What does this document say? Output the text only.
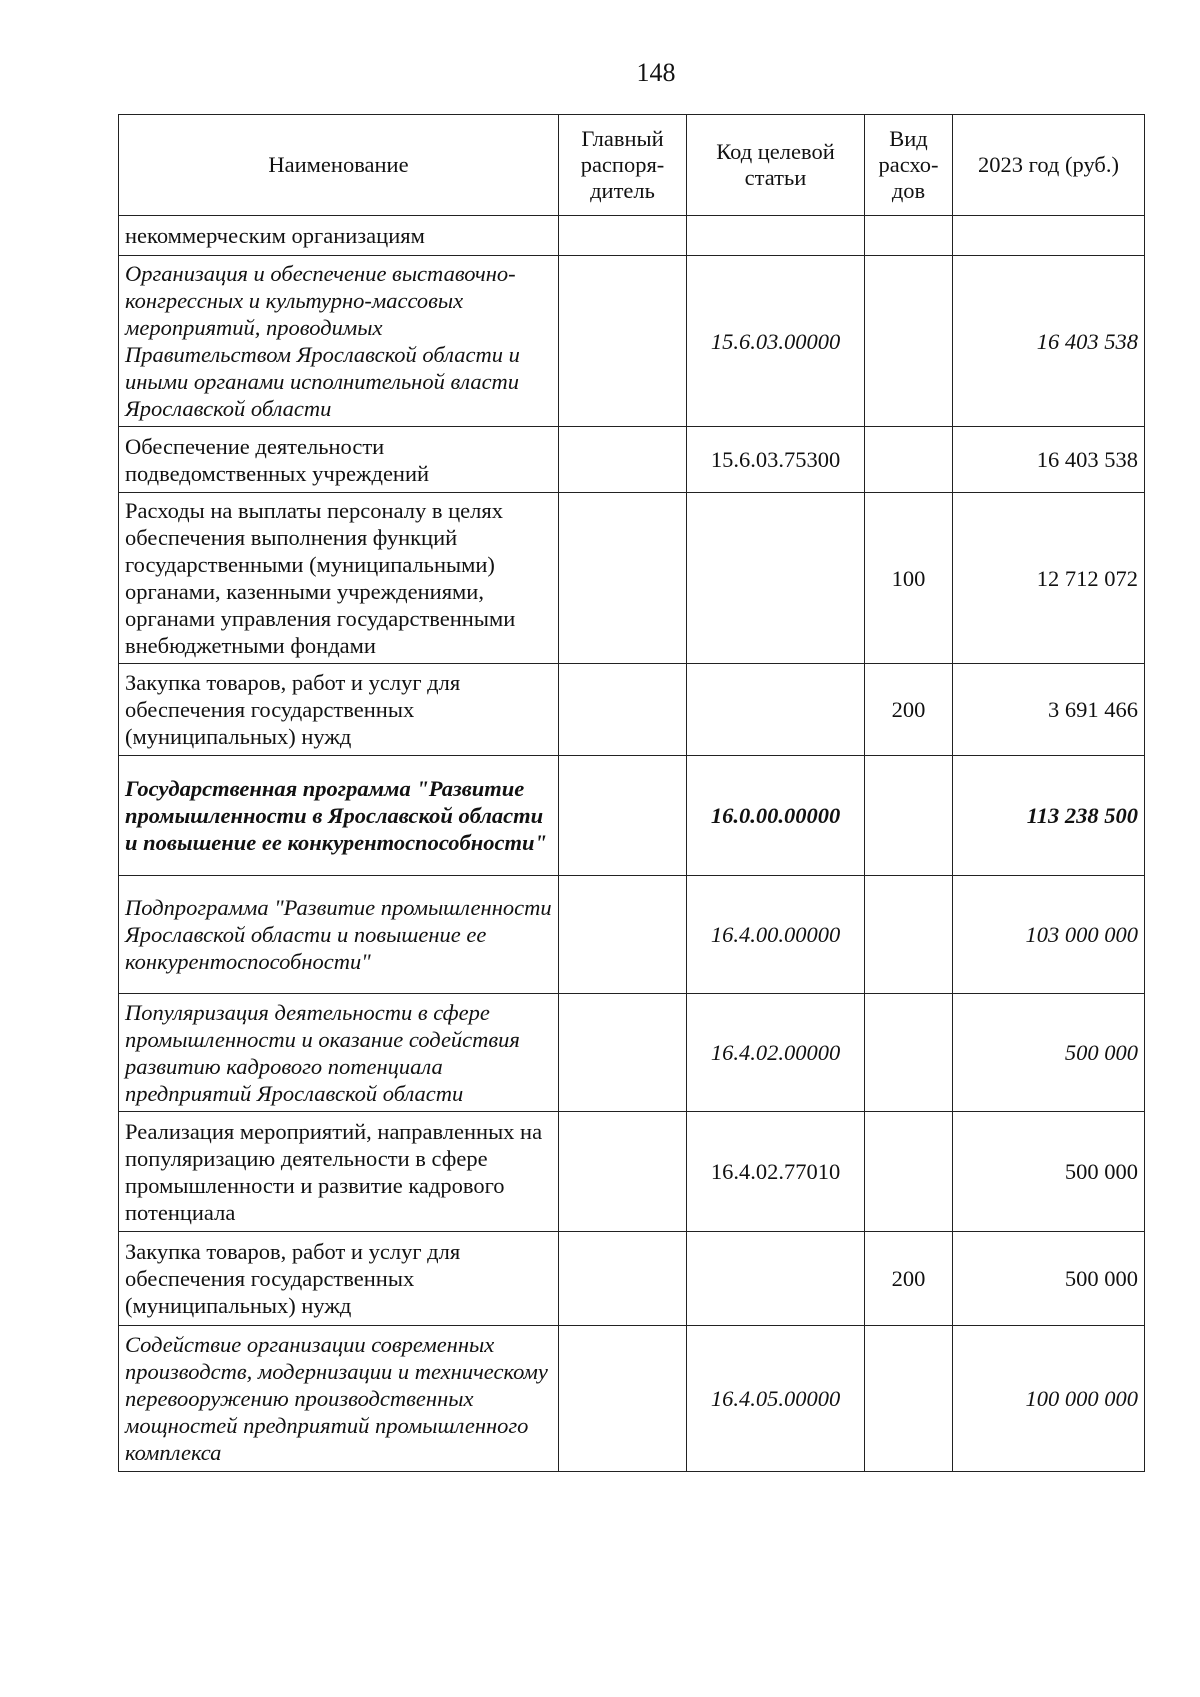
148
Наименование	Главный распоря-дитель	Код целевой статьи	Вид расхо-дов	2023 год (руб.)
некоммерческим организациям				
Организация и обеспечение выставочно-конгрессных и культурно-массовых мероприятий, проводимых Правительством Ярославской области и иными органами исполнительной власти Ярославской области		15.6.03.00000		16 403 538
Обеспечение деятельности подведомственных учреждений		15.6.03.75300		16 403 538
Расходы на выплаты персоналу в целях обеспечения выполнения функций государственными (муниципальными) органами, казенными учреждениями, органами управления государственными внебюджетными фондами			100	12 712 072
Закупка товаров, работ и услуг для обеспечения государственных (муниципальных) нужд			200	3 691 466
Государственная программа "Развитие промышленности в Ярославской области и повышение ее конкурентоспособности"		16.0.00.00000		113 238 500
Подпрограмма "Развитие промышленности Ярославской области и повышение ее конкурентоспособности"		16.4.00.00000		103 000 000
Популяризация деятельности в сфере промышленности и оказание содействия развитию кадрового потенциала предприятий Ярославской области		16.4.02.00000		500 000
Реализация мероприятий, направленных на популяризацию деятельности в сфере промышленности и развитие кадрового потенциала		16.4.02.77010		500 000
Закупка товаров, работ и услуг для обеспечения государственных (муниципальных) нужд			200	500 000
Содействие организации современных производств, модернизации и техническому перевооружению производственных мощностей предприятий промышленного комплекса		16.4.05.00000		100 000 000
